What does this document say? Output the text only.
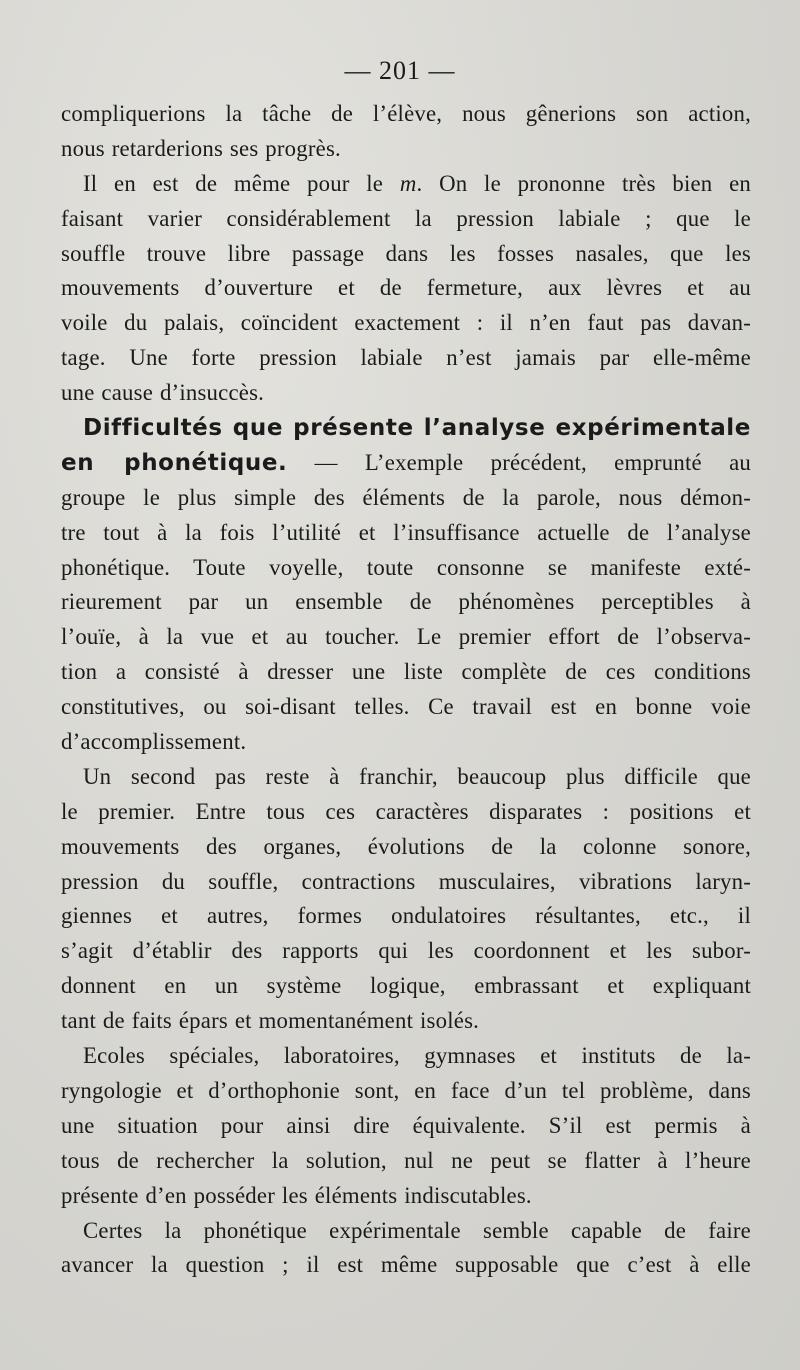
— 201 —
compliquerions la tâche de l’élève, nous gênerions son action,
nous retarderions ses progrès.
Il en est de même pour le m. On le prononne très bien en
faisant varier considérablement la pression labiale ; que le
souffle trouve libre passage dans les fosses nasales, que les
mouvements d’ouverture et de fermeture, aux lèvres et au
voile du palais, coïncident exactement : il n’en faut pas davan-
tage. Une forte pression labiale n’est jamais par elle-même
une cause d’insuccès.
Difficultés que présente l’analyse expérimentale
en phonétique. — L’exemple précédent, emprunté au
groupe le plus simple des éléments de la parole, nous démon-
tre tout à la fois l’utilité et l’insuffisance actuelle de l’analyse
phonétique. Toute voyelle, toute consonne se manifeste exté-
rieurement par un ensemble de phénomènes perceptibles à
l’ouïe, à la vue et au toucher. Le premier effort de l’observa-
tion a consisté à dresser une liste complète de ces conditions
constitutives, ou soi-disant telles. Ce travail est en bonne voie
d’accomplissement.
Un second pas reste à franchir, beaucoup plus difficile que
le premier. Entre tous ces caractères disparates : positions et
mouvements des organes, évolutions de la colonne sonore,
pression du souffle, contractions musculaires, vibrations laryn-
giennes et autres, formes ondulatoires résultantes, etc., il
s’agit d’établir des rapports qui les coordonnent et les subor-
donnent en un système logique, embrassant et expliquant
tant de faits épars et momentanément isolés.
Ecoles spéciales, laboratoires, gymnases et instituts de la-
ryngologie et d’orthophonie sont, en face d’un tel problème, dans
une situation pour ainsi dire équivalente. S’il est permis à
tous de rechercher la solution, nul ne peut se flatter à l’heure
présente d’en posséder les éléments indiscutables.
Certes la phonétique expérimentale semble capable de faire
avancer la question ; il est même supposable que c’est à elle
